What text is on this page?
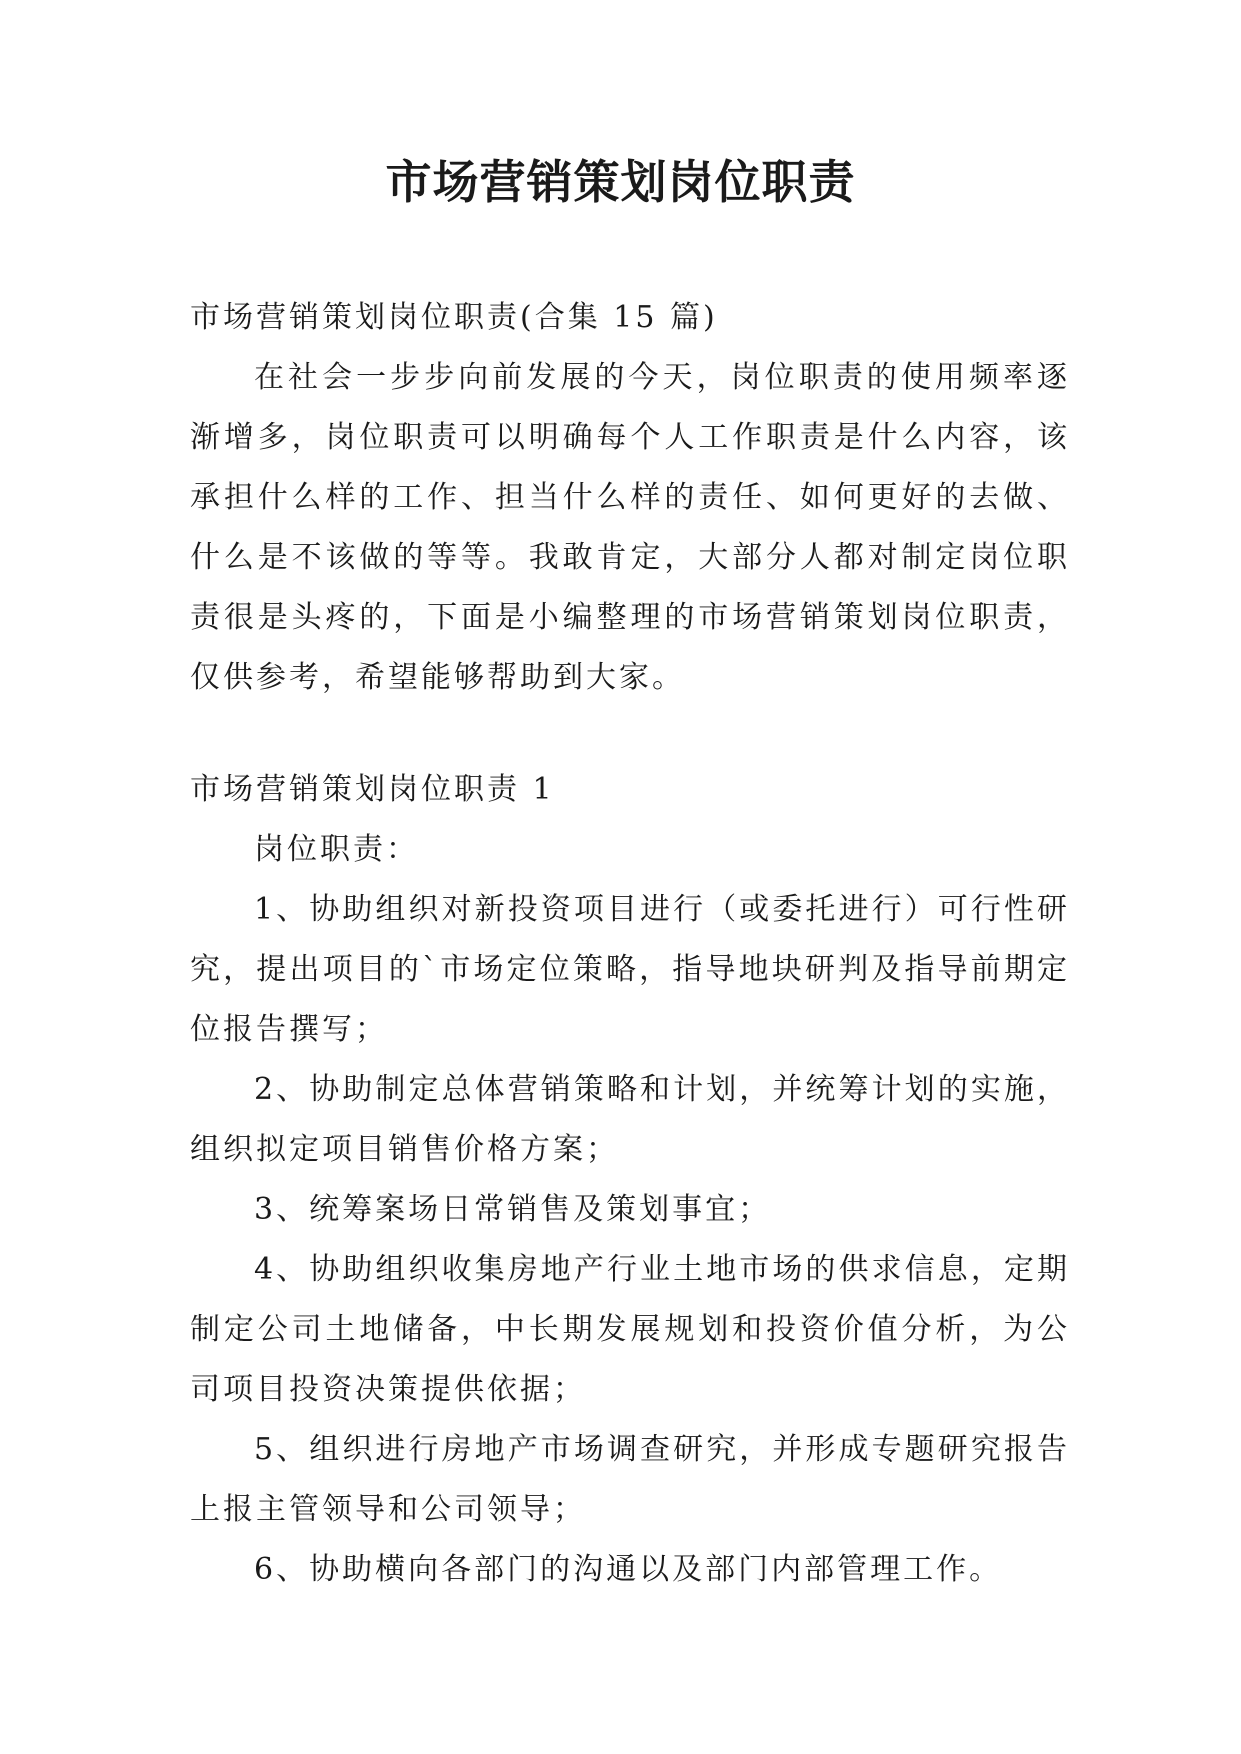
市场营销策划岗位职责

市场营销策划岗位职责(合集 15 篇)

在社会一步步向前发展的今天，岗位职责的使用频率逐渐增多，岗位职责可以明确每个人工作职责是什么内容，该承担什么样的工作、担当什么样的责任、如何更好的去做、什么是不该做的等等。我敢肯定，大部分人都对制定岗位职责很是头疼的，下面是小编整理的市场营销策划岗位职责，仅供参考，希望能够帮助到大家。

市场营销策划岗位职责 1

岗位职责：

1、协助组织对新投资项目进行（或委托进行）可行性研究，提出项目的`市场定位策略，指导地块研判及指导前期定位报告撰写；

2、协助制定总体营销策略和计划，并统筹计划的实施，组织拟定项目销售价格方案；

3、统筹案场日常销售及策划事宜；

4、协助组织收集房地产行业土地市场的供求信息，定期制定公司土地储备，中长期发展规划和投资价值分析，为公司项目投资决策提供依据；

5、组织进行房地产市场调查研究，并形成专题研究报告上报主管领导和公司领导；

6、协助横向各部门的沟通以及部门内部管理工作。
